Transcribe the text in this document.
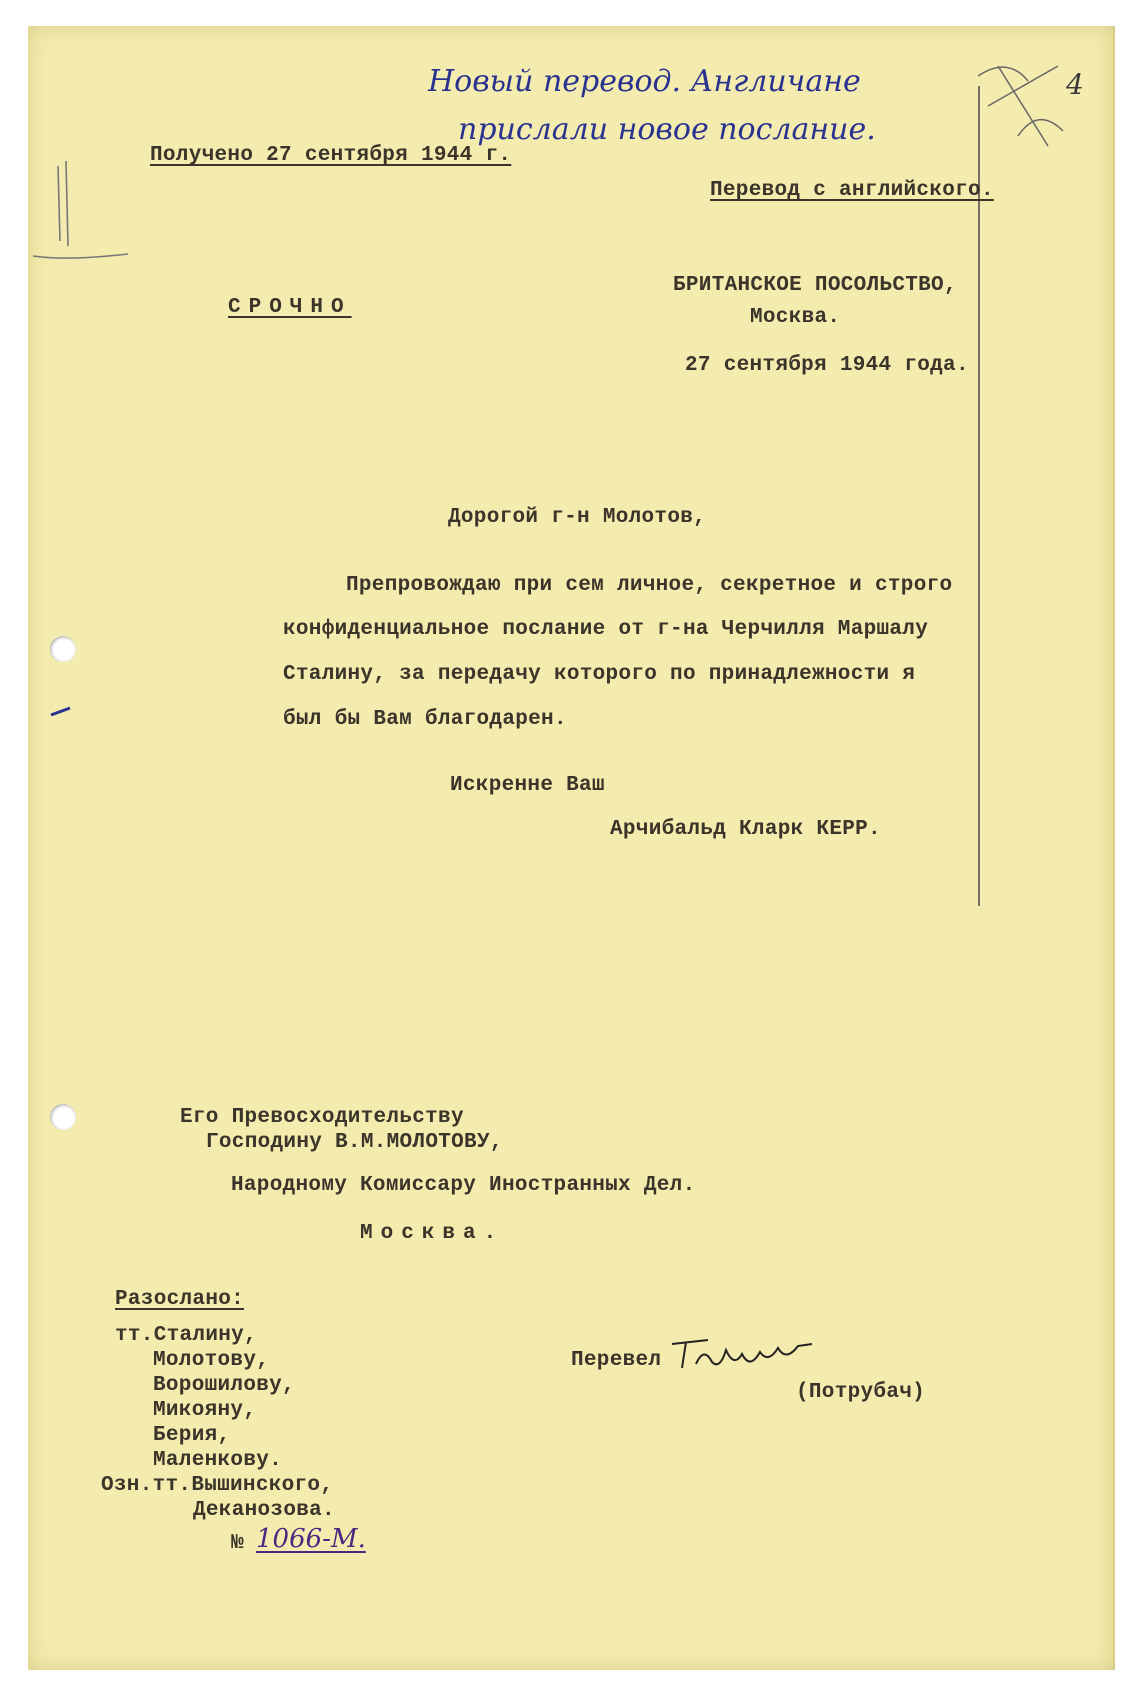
4
Новый перевод. Англичане
прислали новое послание.
Получено 27 сентября 1944 г.
Перевод с английского.
СРОЧНО
БРИТАНСКОЕ ПОСОЛЬСТВО,
Москва.
27 сентября 1944 года.
Дорогой г-н Молотов,
Препровождаю при сем личное, секретное и строго
конфиденциальное послание от г-на Черчилля Маршалу
Сталину, за передачу которого по принадлежности я
был бы Вам благодарен.
Искренне Ваш
Арчибальд Кларк КЕРР.
Его Превосходительству
Господину В.М.МОЛОТОВУ,
Народному Комиссару Иностранных Дел.
Москва.
Разослано:
тт.Сталину,
Молотову,
Ворошилову,
Микояну,
Берия,
Маленкову.
Озн.тт.Вышинского,
Деканозова.
№ 1066-М.
Перевел
(Потрубач)
